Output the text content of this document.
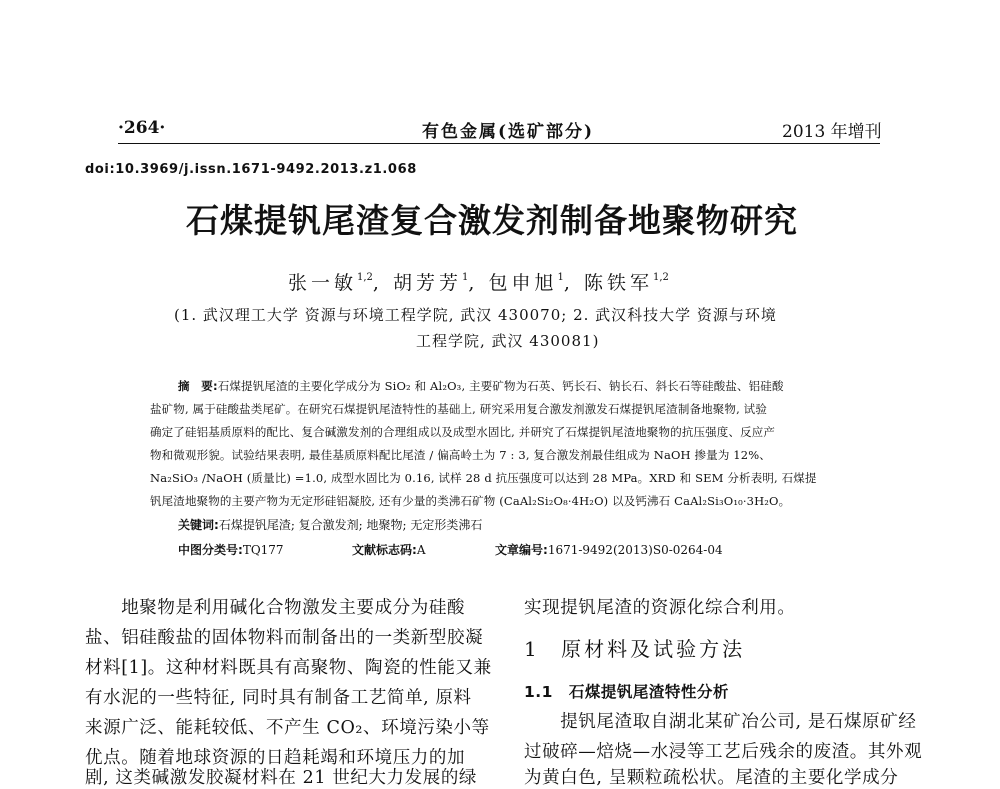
·264·	有色金属(选矿部分)	2013 年增刊
doi:10.3969/j.issn.1671-9492.2013.z1.068
石煤提钒尾渣复合激发剂制备地聚物研究
张一敏$^{1,2}$, 胡芳芳$^1$, 包申旭$^1$, 陈铁军$^{1,2}$
(1. 武汉理工大学 资源与环境工程学院, 武汉 430070; 2. 武汉科技大学 资源与环境
工程学院, 武汉 430081)
摘　要:石煤提钒尾渣的主要化学成分为 SiO₂ 和 Al₂O₃, 主要矿物为石英、钙长石、钠长石、斜长石等硅酸盐、铝硅酸
盐矿物, 属于硅酸盐类尾矿。在研究石煤提钒尾渣特性的基础上, 研究采用复合激发剂激发石煤提钒尾渣制备地聚物, 试验
确定了硅铝基质原料的配比、复合碱激发剂的合理组成以及成型水固比, 并研究了石煤提钒尾渣地聚物的抗压强度、反应产
物和微观形貌。试验结果表明, 最佳基质原料配比尾渣 / 偏高岭土为 7 : 3, 复合激发剂最佳组成为 NaOH 掺量为 12%、
Na₂SiO₃ /NaOH (质量比) =1.0, 成型水固比为 0.16, 试样 28 d 抗压强度可以达到 28 MPa。XRD 和 SEM 分析表明, 石煤提
钒尾渣地聚物的主要产物为无定形硅铝凝胶, 还有少量的类沸石矿物 (CaAl₂Si₂O₈·4H₂O) 以及钙沸石 CaAl₂Si₃O₁₀·3H₂O。
关键词:石煤提钒尾渣; 复合激发剂; 地聚物; 无定形类沸石
中图分类号:TQ177	文献标志码:A	文章编号:1671-9492(2013)S0-0264-04
　　地聚物是利用碱化合物激发主要成分为硅酸
盐、铝硅酸盐的固体物料而制备出的一类新型胶凝
材料[1]。这种材料既具有高聚物、陶瓷的性能又兼
有水泥的一些特征, 同时具有制备工艺简单, 原料
来源广泛、能耗较低、不产生 CO₂、环境污染小等
优点。随着地球资源的日趋耗竭和环境压力的加
剧, 这类碱激发胶凝材料在 21 世纪大力发展的绿
实现提钒尾渣的资源化综合利用。
1 原材料及试验方法
1.1 石煤提钒尾渣特性分析
　　提钒尾渣取自湖北某矿冶公司, 是石煤原矿经
过破碎—焙烧—水浸等工艺后残余的废渣。其外观
为黄白色, 呈颗粒疏松状。尾渣的主要化学成分
